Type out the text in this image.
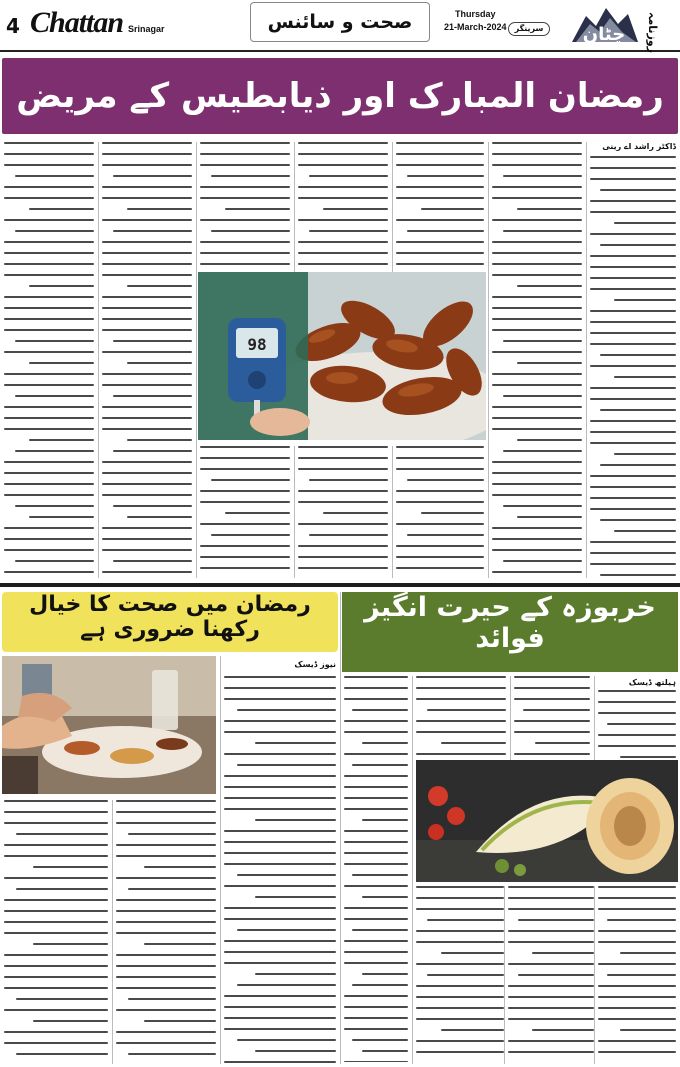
4 Chattan Srinagar	صحت و سائنس	Thursday
21-March-2024	سرینگر	چٹان روزنامہ
رمضان المبارک اور ذیابطیس کے مریض
ڈاکٹر راشد اے رینی
98
خربوزہ کے حیرت انگیز فوائد
ہیلتھ ڈیسک
رمضان میں صحت کا خیال رکھنا ضروری ہے
نیوز ڈیسک
